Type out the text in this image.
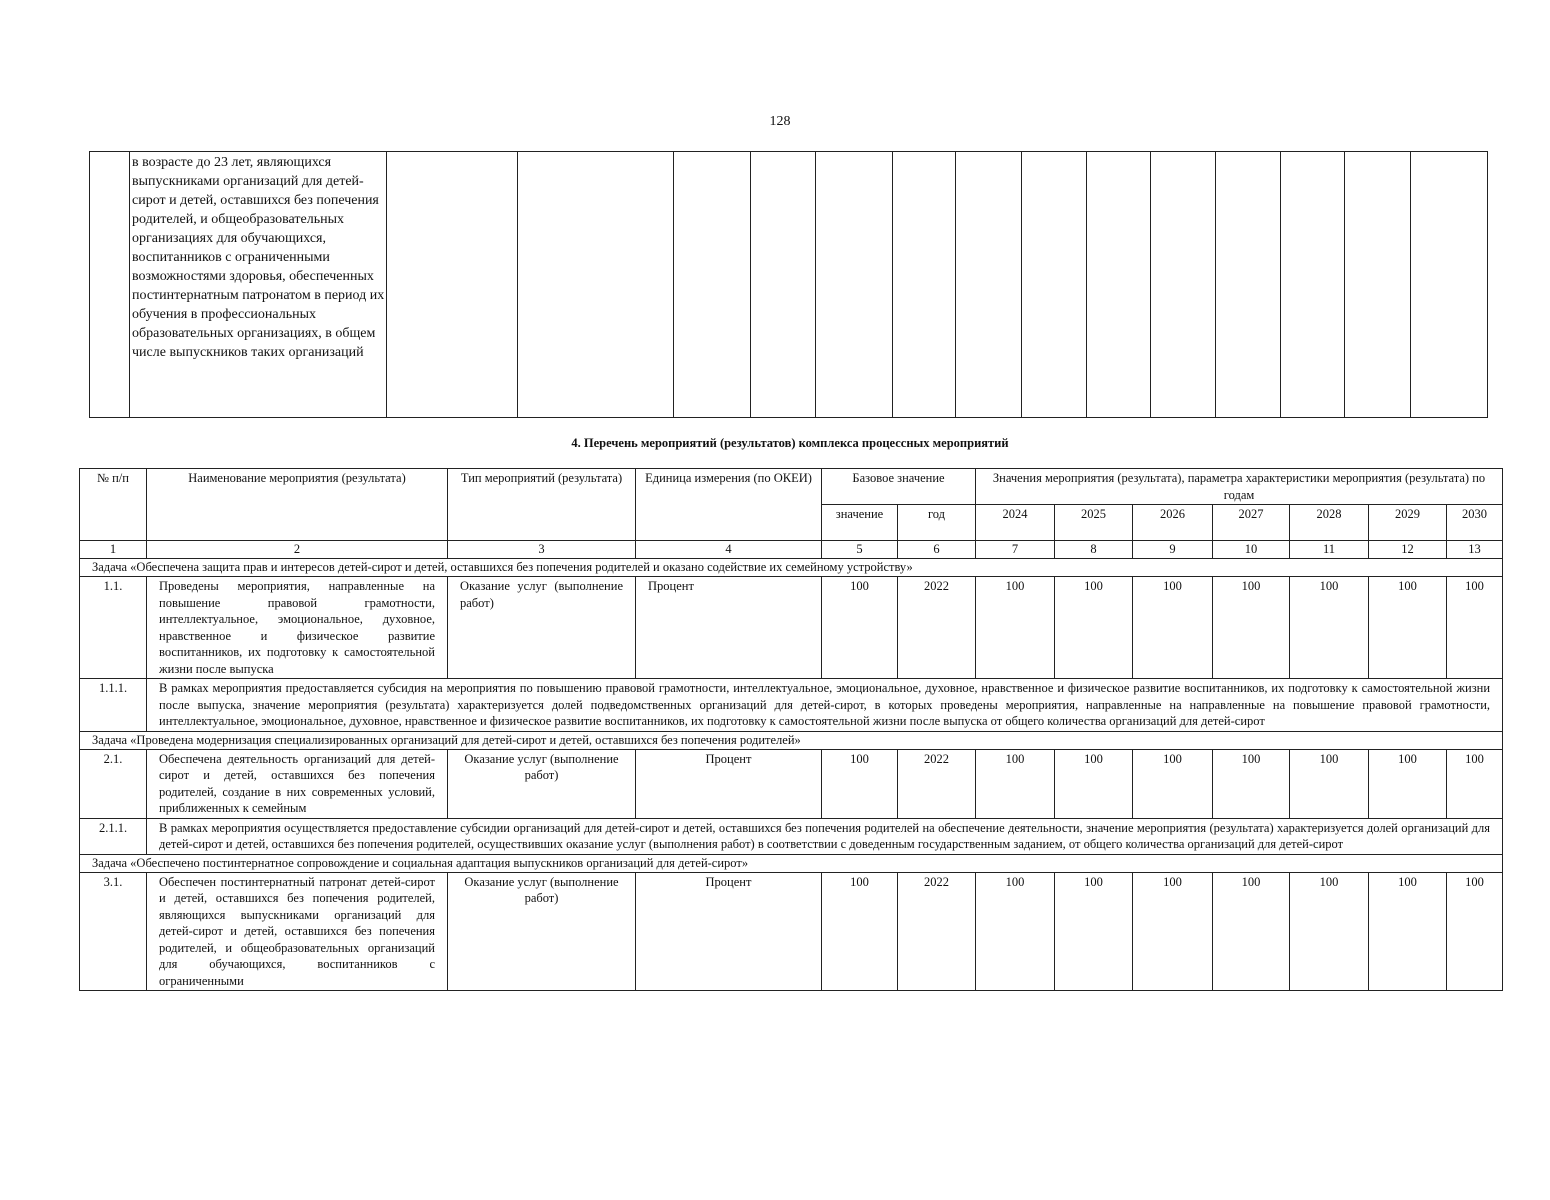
128

в возрасте до 23 лет, являющихся выпускниками организаций для детей-сирот и детей, оставшихся без попечения родителей, и общеобразовательных организациях для обучающихся, воспитанников с ограниченными возможностями здоровья, обеспеченных постинтернатным патронатом в период их обучения в профессиональных образовательных организациях, в общем числе выпускников таких организаций

4. Перечень мероприятий (результатов) комплекса процессных мероприятий
№ п/п	Наименование мероприятия (результата)	Тип мероприятий (результата)	Единица измерения (по ОКЕИ)	Базовое значение		Значения мероприятия (результата), параметра характеристики мероприятия (результата) по годам						
				значение	год	2024	2025	2026	2027	2028	2029	2030
1	2	3	4	5	6	7	8	9	10	11	12	13
Задача «Обеспечена защита прав и интересов детей-сирот и детей, оставшихся без попечения родителей и оказано содействие их семейному устройству»												
1.1.	Проведены мероприятия, направленные на повышение правовой грамотности, интеллектуальное, эмоциональное, духовное, нравственное и физическое развитие воспитанников, их подготовку к самостоятельной жизни после выпуска	Оказание услуг (выполнение работ)	Процент	100	2022	100	100	100	100	100	100	100
1.1.1.	В рамках мероприятия предоставляется субсидия на мероприятия по повышению правовой грамотности, интеллектуальное, эмоциональное, духовное, нравственное и физическое развитие воспитанников, их подготовку к самостоятельной жизни после выпуска, значение мероприятия (результата) характеризуется долей подведомственных организаций для детей-сирот, в которых проведены мероприятия, направленные на направленные на повышение правовой грамотности, интеллектуальное, эмоциональное, духовное, нравственное и физическое развитие воспитанников, их подготовку к самостоятельной жизни после выпуска от общего количества организаций для детей-сирот											
Задача «Проведена модернизация специализированных организаций для детей-сирот и детей, оставшихся без попечения родителей»												
2.1.	Обеспечена деятельность организаций для детей-сирот и детей, оставшихся без попечения родителей, создание в них современных условий, приближенных к семейным	Оказание услуг (выполнение работ)	Процент	100	2022	100	100	100	100	100	100	100
2.1.1.	В рамках мероприятия осуществляется предоставление субсидии организаций для детей-сирот и детей, оставшихся без попечения родителей на обеспечение деятельности, значение мероприятия (результата) характеризуется долей организаций для детей-сирот и детей, оставшихся без попечения родителей, осуществивших оказание услуг (выполнения работ) в соответствии с доведенным государственным заданием, от общего количества организаций для детей-сирот											
Задача «Обеспечено постинтернатное сопровождение и социальная адаптация выпускников организаций для детей-сирот»												
3.1.	Обеспечен постинтернатный патронат детей-сирот и детей, оставшихся без попечения родителей, являющихся выпускниками организаций для детей-сирот и детей, оставшихся без попечения родителей, и общеобразовательных организаций для обучающихся, воспитанников с ограниченными	Оказание услуг (выполнение работ)	Процент	100	2022	100	100	100	100	100	100	100
